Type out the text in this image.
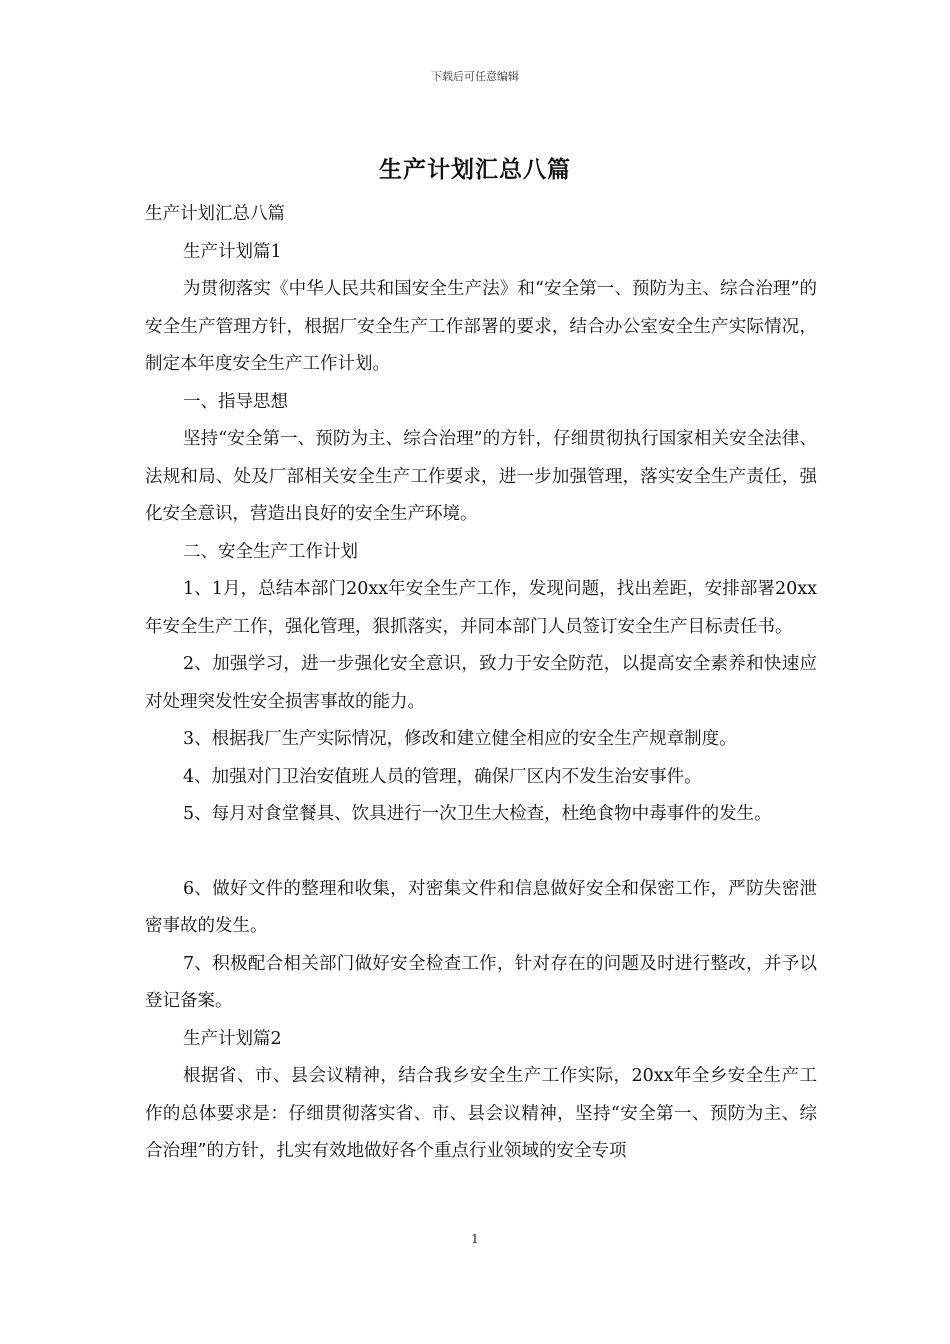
下载后可任意编辑
生产计划汇总八篇

生产计划汇总八篇

生产计划篇1

为贯彻落实《中华人民共和国安全生产法》和“安全第一、预防为主、综合治理”的安全生产管理方针，根据厂安全生产工作部署的要求，结合办公室安全生产实际情况，制定本年度安全生产工作计划。

一、指导思想

坚持“安全第一、预防为主、综合治理”的方针，仔细贯彻执行国家相关安全法律、法规和局、处及厂部相关安全生产工作要求，进一步加强管理，落实安全生产责任，强化安全意识，营造出良好的安全生产环境。

二、安全生产工作计划

1、1月，总结本部门20xx年安全生产工作，发现问题，找出差距，安排部署20xx年安全生产工作，强化管理，狠抓落实，并同本部门人员签订安全生产目标责任书。

2、加强学习，进一步强化安全意识，致力于安全防范，以提高安全素养和快速应对处理突发性安全损害事故的能力。

3、根据我厂生产实际情况，修改和建立健全相应的安全生产规章制度。

4、加强对门卫治安值班人员的管理，确保厂区内不发生治安事件。

5、每月对食堂餐具、饮具进行一次卫生大检查，杜绝食物中毒事件的发生。

6、做好文件的整理和收集，对密集文件和信息做好安全和保密工作，严防失密泄密事故的发生。

7、积极配合相关部门做好安全检查工作，针对存在的问题及时进行整改，并予以登记备案。

生产计划篇2

根据省、市、县会议精神，结合我乡安全生产工作实际，20xx年全乡安全生产工作的总体要求是：仔细贯彻落实省、市、县会议精神，坚持“安全第一、预防为主、综合治理”的方针，扎实有效地做好各个重点行业领域的安全专项

1
